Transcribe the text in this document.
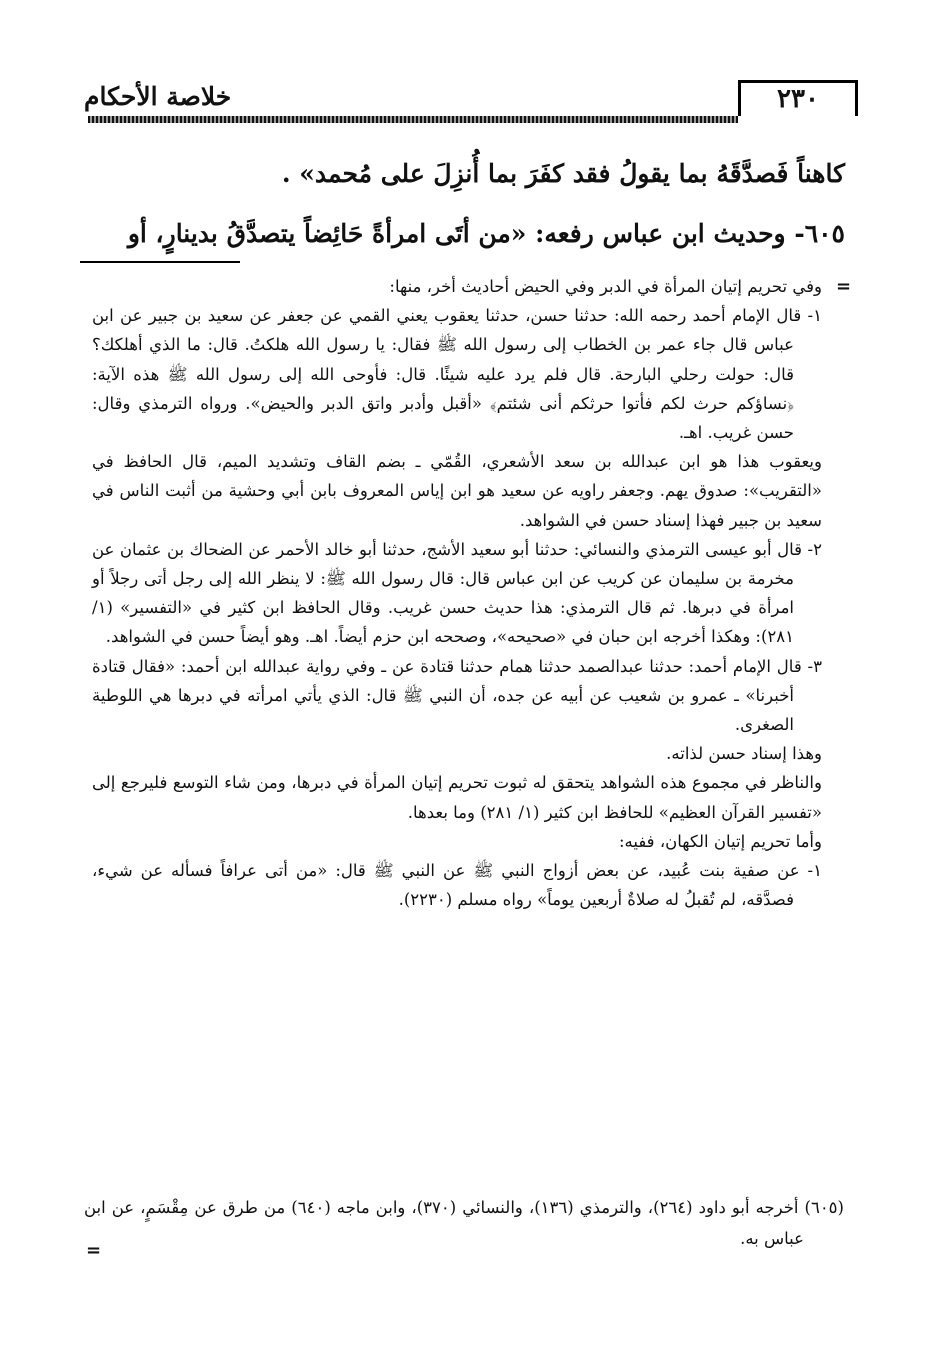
خلاصة الأحكام	٢٣٠

كاهناً فَصدَّقَهُ بما يقولُ فقد كفَرَ بما أُنزِلَ على مُحمد» .

٦٠٥- وحديث ابن عباس رفعه: «من أتَى امرأةً حَائِضاً يتصدَّقُ بدينارٍ، أو

=
=

وفي تحريم إتيان المرأة في الدبر وفي الحيض أحاديث أخر، منها:

١- قال الإمام أحمد رحمه الله: حدثنا حسن، حدثنا يعقوب يعني القمي عن جعفر عن سعيد بن جبير عن ابن عباس قال جاء عمر بن الخطاب إلى رسول الله ﷺ فقال: يا رسول الله هلكتُ. قال: ما الذي أهلكك؟ قال: حولت رحلي البارحة. قال فلم يرد عليه شيئًا. قال: فأوحى الله إلى رسول الله ﷺ هذه الآية: ﴿نساؤكم حرث لكم فأتوا حرثكم أنى شئتم﴾ «أقبل وأدبر واتق الدبر والحيض». ورواه الترمذي وقال: حسن غريب. اهـ.

ويعقوب هذا هو ابن عبدالله بن سعد الأشعري، القُمّي ـ بضم القاف وتشديد الميم، قال الحافظ في «التقريب»: صدوق يهم. وجعفر راويه عن سعيد هو ابن إياس المعروف بابن أبي وحشية من أثبت الناس في سعيد بن جبير فهذا إسناد حسن في الشواهد.

٢- قال أبو عيسى الترمذي والنسائي: حدثنا أبو سعيد الأشج، حدثنا أبو خالد الأحمر عن الضحاك بن عثمان عن مخرمة بن سليمان عن كريب عن ابن عباس قال: قال رسول الله ﷺ: لا ينظر الله إلى رجل أتى رجلاً أو امرأة في دبرها. ثم قال الترمذي: هذا حديث حسن غريب. وقال الحافظ ابن كثير في «التفسير» (١/ ٢٨١): وهكذا أخرجه ابن حبان في «صحيحه»، وصححه ابن حزم أيضاً. اهـ. وهو أيضاً حسن في الشواهد.

٣- قال الإمام أحمد: حدثنا عبدالصمد حدثنا همام حدثنا قتادة عن ـ وفي رواية عبدالله ابن أحمد: «فقال قتادة أخبرنا» ـ عمرو بن شعيب عن أبيه عن جده، أن النبي ﷺ قال: الذي يأتي امرأته في دبرها هي اللوطية الصغرى.

وهذا إسناد حسن لذاته.

والناظر في مجموع هذه الشواهد يتحقق له ثبوت تحريم إتيان المرأة في دبرها، ومن شاء التوسع فليرجع إلى «تفسير القرآن العظيم» للحافظ ابن كثير (١/ ٢٨١) وما بعدها.

وأما تحريم إتيان الكهان، ففيه:

١- عن صفية بنت عُبيد، عن بعض أزواج النبي ﷺ عن النبي ﷺ قال: «من أتى عرافاً فسأله عن شيء، فصدَّقه، لم تُقبلُ له صلاةٌ أربعين يوماً» رواه مسلم (٢٢٣٠).

(٦٠٥) أخرجه أبو داود (٢٦٤)، والترمذي (١٣٦)، والنسائي (٣٧٠)، وابن ماجه (٦٤٠) من طرق عن مِقْسَمٍ، عن ابن عباس به.
